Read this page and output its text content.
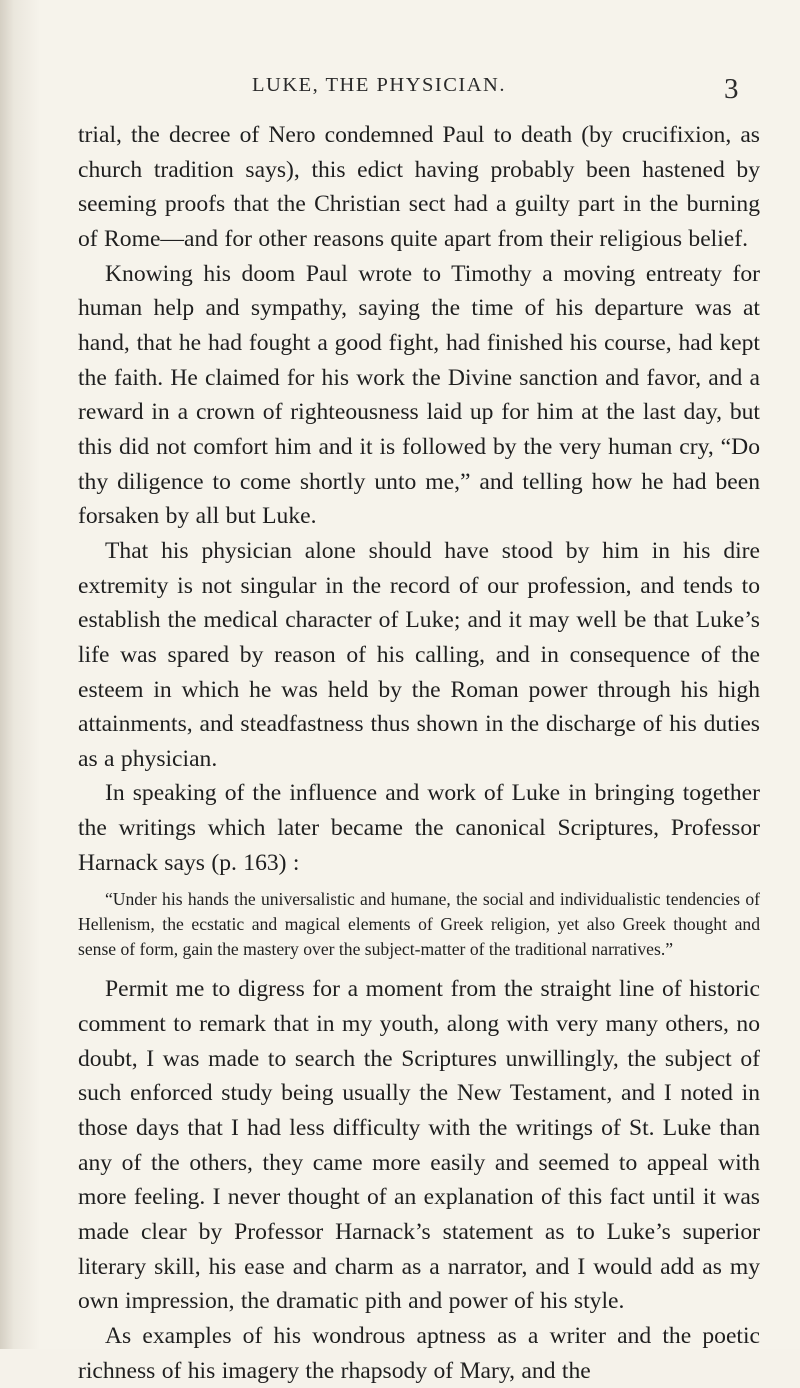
LUKE, THE PHYSICIAN.	3

trial, the decree of Nero condemned Paul to death (by crucifixion, as church tradition says), this edict having probably been hastened by seeming proofs that the Christian sect had a guilty part in the burning of Rome—and for other reasons quite apart from their religious belief.

Knowing his doom Paul wrote to Timothy a moving entreaty for human help and sympathy, saying the time of his departure was at hand, that he had fought a good fight, had finished his course, had kept the faith. He claimed for his work the Divine sanction and favor, and a reward in a crown of righteousness laid up for him at the last day, but this did not comfort him and it is followed by the very human cry, “Do thy diligence to come shortly unto me,” and telling how he had been forsaken by all but Luke.

That his physician alone should have stood by him in his dire extremity is not singular in the record of our profession, and tends to establish the medical character of Luke; and it may well be that Luke’s life was spared by reason of his calling, and in consequence of the esteem in which he was held by the Roman power through his high attainments, and steadfastness thus shown in the discharge of his duties as a physician.

In speaking of the influence and work of Luke in bringing together the writings which later became the canonical Scriptures, Professor Harnack says (p. 163) :

“Under his hands the universalistic and humane, the social and individualistic tendencies of Hellenism, the ecstatic and magical elements of Greek religion, yet also Greek thought and sense of form, gain the mastery over the subject-matter of the traditional narratives.”

Permit me to digress for a moment from the straight line of historic comment to remark that in my youth, along with very many others, no doubt, I was made to search the Scriptures unwillingly, the subject of such enforced study being usually the New Testament, and I noted in those days that I had less difficulty with the writings of St. Luke than any of the others, they came more easily and seemed to appeal with more feeling. I never thought of an explanation of this fact until it was made clear by Professor Harnack’s statement as to Luke’s superior literary skill, his ease and charm as a narrator, and I would add as my own impression, the dramatic pith and power of his style.

As examples of his wondrous aptness as a writer and the poetic richness of his imagery the rhapsody of Mary, and the
